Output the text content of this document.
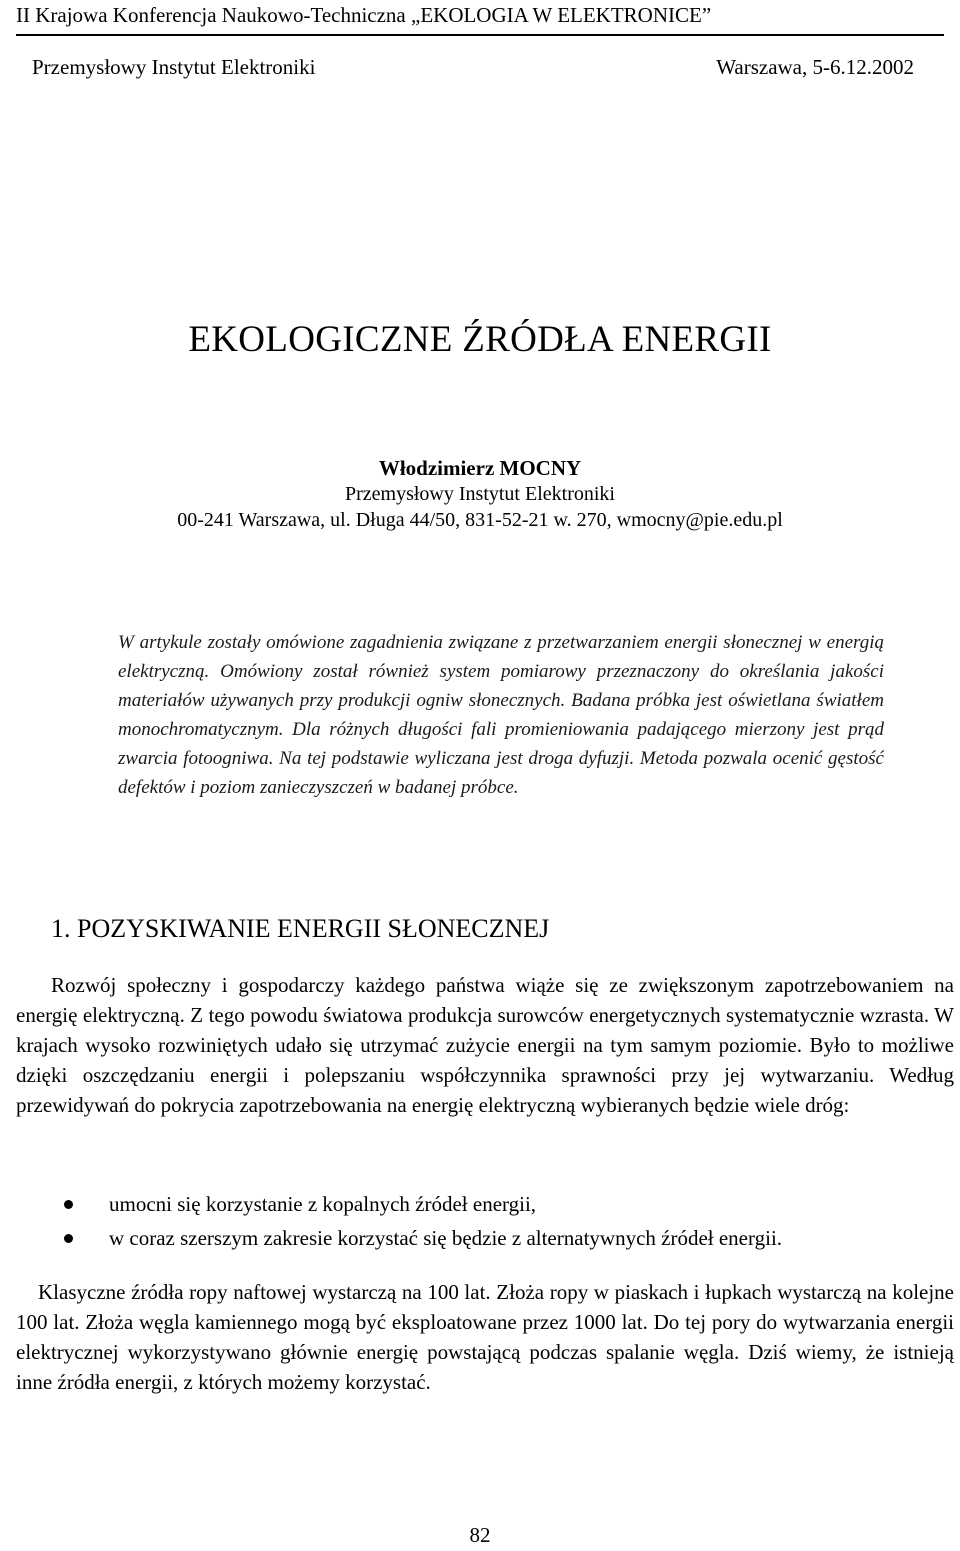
II Krajowa Konferencja Naukowo-Techniczna „EKOLOGIA W ELEKTRONICE”
Przemysłowy Instytut Elektroniki	Warszawa, 5-6.12.2002
EKOLOGICZNE ŹRÓDŁA ENERGII
Włodzimierz MOCNY
Przemysłowy Instytut Elektroniki
00-241 Warszawa, ul. Długa 44/50, 831-52-21 w. 270, wmocny@pie.edu.pl
W artykule zostały omówione zagadnienia związane z przetwarzaniem energii słonecznej w energią elektryczną. Omówiony został również system pomiarowy przeznaczony do określania jakości materiałów używanych przy produkcji ogniw słonecznych. Badana próbka jest oświetlana światłem monochromatycznym. Dla różnych długości fali promieniowania padającego mierzony jest prąd zwarcia fotoogniwa. Na tej podstawie wyliczana jest droga dyfuzji. Metoda pozwala ocenić gęstość defektów i poziom zanieczyszczeń w badanej próbce.
1. POZYSKIWANIE ENERGII SŁONECZNEJ
Rozwój społeczny i gospodarczy każdego państwa wiąże się ze zwiększonym zapotrzebowaniem na energię elektryczną. Z tego powodu światowa produkcja surowców energetycznych systematycznie wzrasta. W krajach wysoko rozwiniętych udało się utrzymać zużycie energii na tym samym poziomie. Było to możliwe dzięki oszczędzaniu energii i polepszaniu współczynnika sprawności przy jej wytwarzaniu. Według przewidywań do pokrycia zapotrzebowania na energię elektryczną wybieranych będzie wiele dróg:
umocni się korzystanie z kopalnych źródeł energii,
w coraz szerszym zakresie korzystać się będzie z alternatywnych źródeł energii.
Klasyczne źródła ropy naftowej wystarczą na 100 lat. Złoża ropy w piaskach i łupkach wystarczą na kolejne 100 lat. Złoża węgla kamiennego mogą być eksploatowane przez 1000 lat. Do tej pory do wytwarzania energii elektrycznej wykorzystywano głównie energię powstającą podczas spalanie węgla. Dziś wiemy, że istnieją inne źródła energii, z których możemy korzystać.
82
